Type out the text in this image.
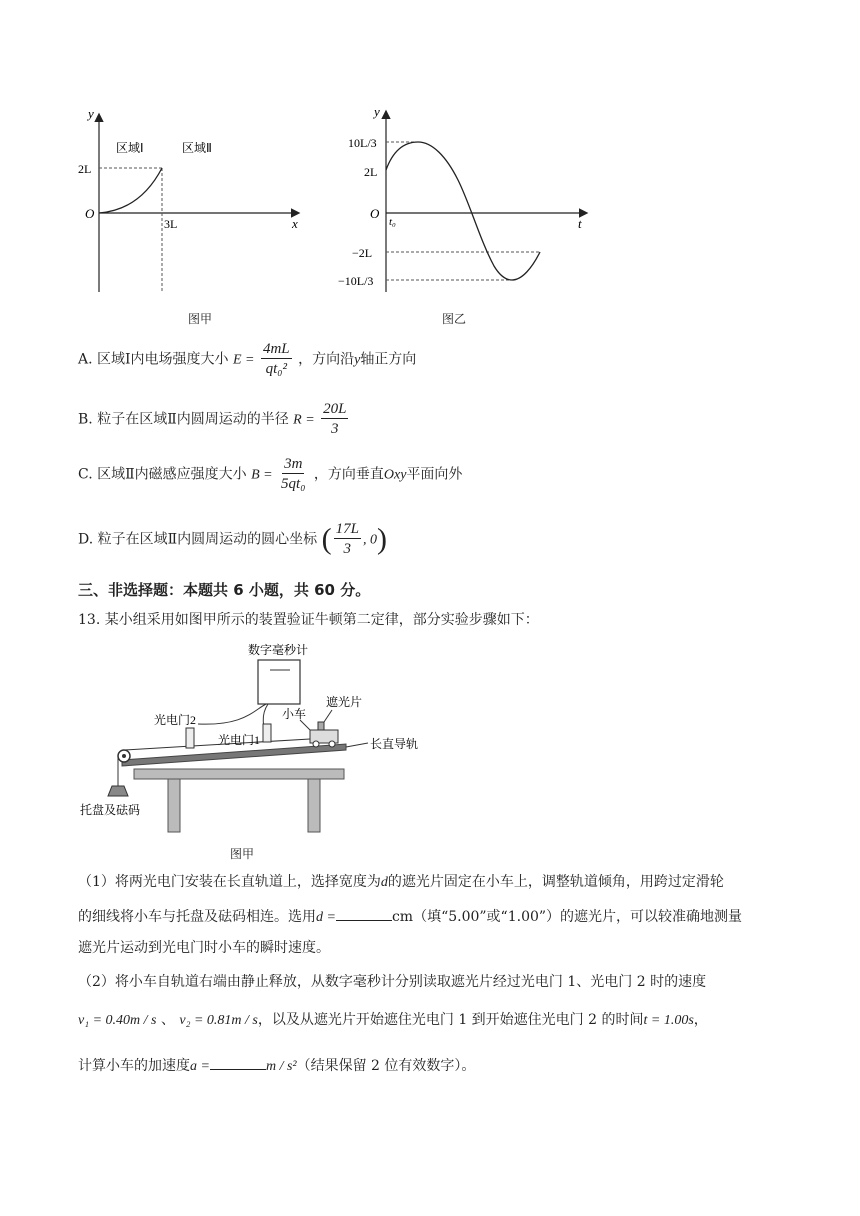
y
x
O
2L
3L
区域Ⅰ	区域Ⅱ
图甲
y
t
O
t₀
10L/3
2L
−2L
−10L/3
图乙
A. 区域Ⅰ内电场强度大小 $E = \frac{4mL}{\text{qt₀²}}$ ，方向沿y轴正方向
B. 粒子在区域Ⅱ内圆周运动的半径 $R = \frac{20L}{3}$
C. 区域Ⅱ内磁感应强度大小 $B = \frac{3m}{\text{5qt₀}}$ ，方向垂直Oxy平面向外
D. 粒子在区域Ⅱ内圆周运动的圆心坐标 ( $\frac{17L}{3}$ , 0)
三、非选择题：本题共 6 小题，共 60 分。
13. 某小组采用如图甲所示的装置验证牛顿第二定律，部分实验步骤如下：
数字毫秒计
光电门2
光电门1
小车
遮光片
长直导轨
托盘及砝码
图甲
（1）将两光电门安装在长直轨道上，选择宽度为d的遮光片固定在小车上，调整轨道倾角，用跨过定滑轮
的细线将小车与托盘及砝码相连。选用d =	cm（填“5.00”或“1.00”）的遮光片，可以较准确地测量
遮光片运动到光电门时小车的瞬时速度。
（2）将小车自轨道右端由静止释放，从数字毫秒计分别读取遮光片经过光电门 1、光电门 2 时的速度
v₁ = 0.40m / s 、 v₂ = 0.81m / s，以及从遮光片开始遮住光电门 1 到开始遮住光电门 2 的时间t = 1.00s，
计算小车的加速度a =	m / s²（结果保留 2 位有效数字）。
